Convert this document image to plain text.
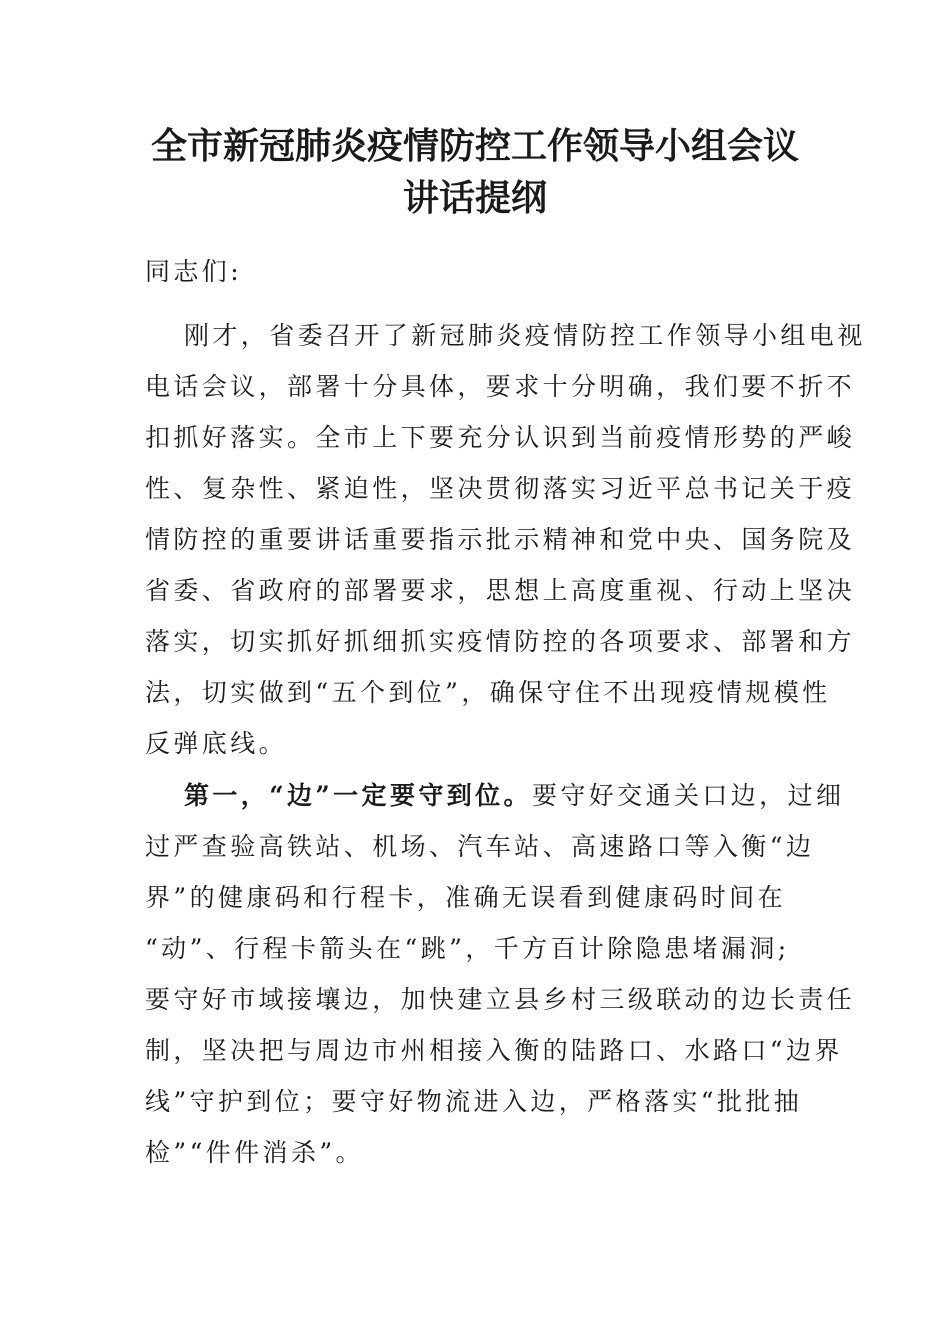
全市新冠肺炎疫情防控工作领导小组会议
讲话提纲

同志们:

刚才，省委召开了新冠肺炎疫情防控工作领导小组电视
电话会议，部署十分具体，要求十分明确，我们要不折不
扣抓好落实。全市上下要充分认识到当前疫情形势的严峻
性、复杂性、紧迫性，坚决贯彻落实习近平总书记关于疫
情防控的重要讲话重要指示批示精神和党中央、国务院及
省委、省政府的部署要求，思想上高度重视、行动上坚决
落实，切实抓好抓细抓实疫情防控的各项要求、部署和方
法，切实做到“五个到位”，确保守住不出现疫情规模性
反弹底线。
第一，“边”一定要守到位。要守好交通关口边，过细
过严查验高铁站、机场、汽车站、高速路口等入衡“边
界”的健康码和行程卡，准确无误看到健康码时间在
“动”、行程卡箭头在“跳”，千方百计除隐患堵漏洞;
要守好市域接壤边，加快建立县乡村三级联动的边长责任
制，坚决把与周边市州相接入衡的陆路口、水路口“边界
线”守护到位；要守好物流进入边，严格落实“批批抽
检”“件件消杀”。
